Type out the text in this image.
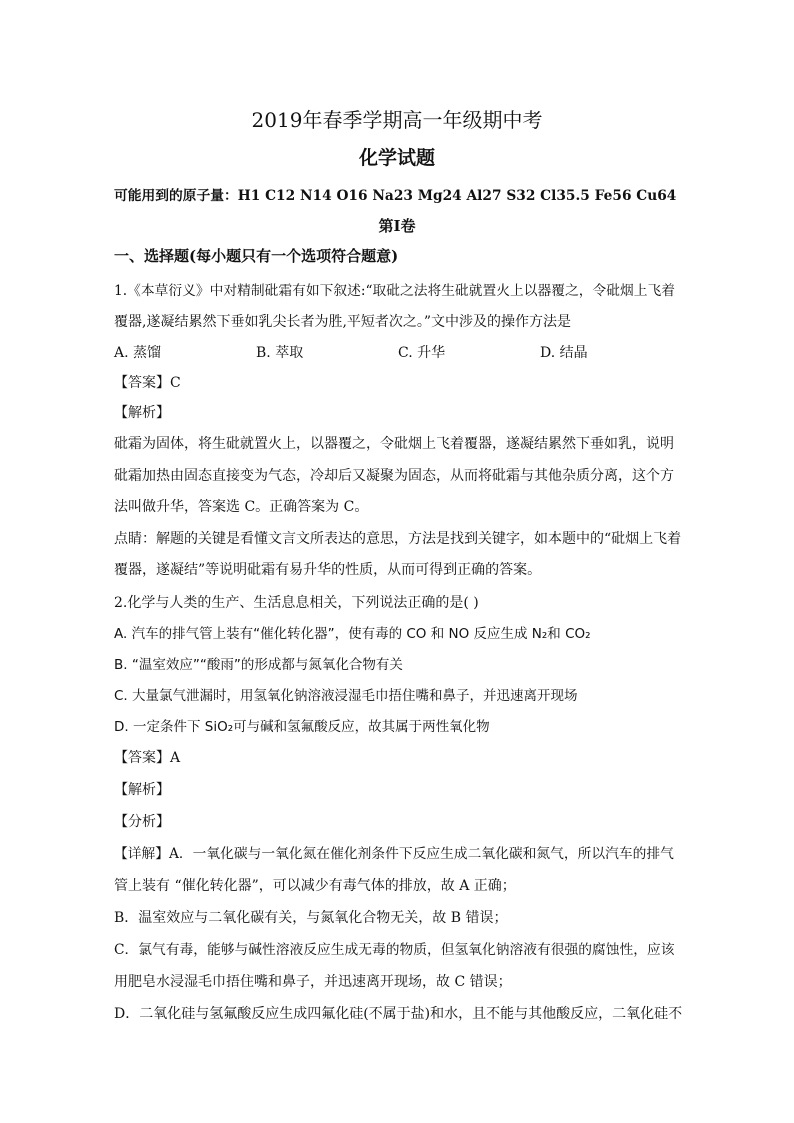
2019年春季学期高一年级期中考
化学试题
可能用到的原子量：H1 C12 N14 O16 Na23 Mg24 Al27 S32 Cl35.5 Fe56 Cu64
第I卷
一、选择题(每小题只有一个选项符合题意)
1.《本草衍义》中对精制砒霜有如下叙述:“取砒之法将生砒就置火上以器覆之，令砒烟上飞着
覆器,遂凝结累然下垂如乳尖长者为胜,平短者次之。”文中涉及的操作方法是
A. 蒸馏	B. 萃取	C. 升华	D. 结晶
【答案】C
【解析】
砒霜为固体，将生砒就置火上，以器覆之，令砒烟上飞着覆器，遂凝结累然下垂如乳，说明
砒霜加热由固态直接变为气态，冷却后又凝聚为固态，从而将砒霜与其他杂质分离，这个方
法叫做升华，答案选 C。正确答案为 C。
点睛：解题的关键是看懂文言文所表达的意思，方法是找到关键字，如本题中的“砒烟上飞着
覆器，遂凝结”等说明砒霜有易升华的性质，从而可得到正确的答案。
2.化学与人类的生产、生活息息相关，下列说法正确的是( )
A. 汽车的排气管上装有“催化转化器”，使有毒的 CO 和 NO 反应生成 N₂和 CO₂
B. “温室效应”“酸雨”的形成都与氮氧化合物有关
C. 大量氯气泄漏时，用氢氧化钠溶液浸湿毛巾捂住嘴和鼻子，并迅速离开现场
D. 一定条件下 SiO₂可与碱和氢氟酸反应，故其属于两性氧化物
【答案】A
【解析】
【分析】
【详解】A．一氧化碳与一氧化氮在催化剂条件下反应生成二氧化碳和氮气，所以汽车的排气
管上装有 “催化转化器”，可以减少有毒气体的排放，故 A 正确；
B．温室效应与二氧化碳有关，与氮氧化合物无关，故 B 错误；
C．氯气有毒，能够与碱性溶液反应生成无毒的物质，但氢氧化钠溶液有很强的腐蚀性，应该
用肥皂水浸湿毛巾捂住嘴和鼻子，并迅速离开现场，故 C 错误；
D．二氧化硅与氢氟酸反应生成四氟化硅(不属于盐)和水，且不能与其他酸反应，二氧化硅不
